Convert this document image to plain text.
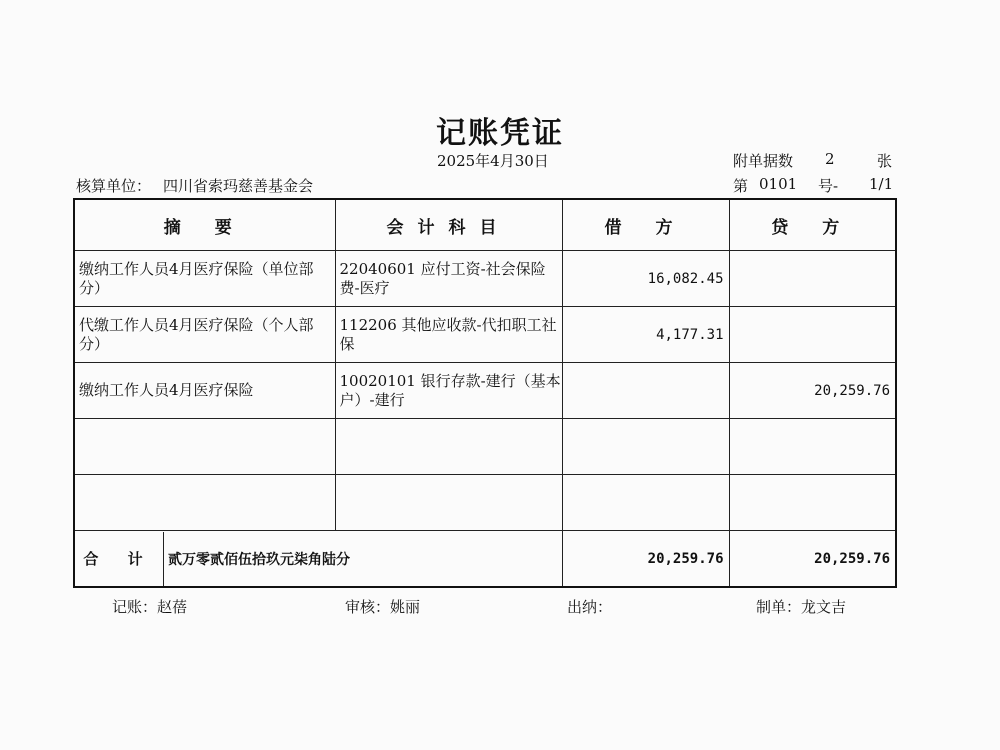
记账凭证
2025年4月30日	附单据数 2	张
核算单位： 四川省索玛慈善基金会	第 0101 号- 1/1
摘 要	会计科目	借 方	贷 方
缴纳工作人员4月医疗保险（单位部分）	22040601 应付工资-社会保险费-医疗	16,082.45	
代缴工作人员4月医疗保险（个人部分）	112206 其他应收款-代扣职工社保	4,177.31	
缴纳工作人员4月医疗保险	10020101 银行存款-建行（基本户）-建行		20,259.76

合 计 贰万零贰佰伍拾玖元柒角陆分		20,259.76	20,259.76
记账：赵蓓	审核：姚丽	出纳：	制单：龙文吉
